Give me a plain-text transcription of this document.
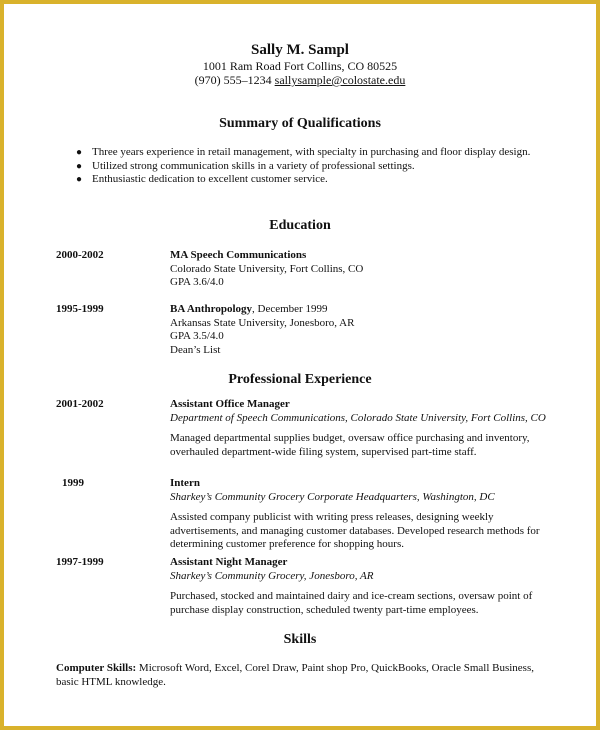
Sally M. Sampl
1001 Ram Road Fort Collins, CO 80525
(970) 555–1234 sallysample@colostate.edu
Summary of Qualifications
● Three years experience in retail management, with specialty in purchasing and floor display design.
● Utilized strong communication skills in a variety of professional settings.
● Enthusiastic dedication to excellent customer service.
Education
2000-2002	MA Speech Communications
Colorado State University, Fort Collins, CO
GPA 3.6/4.0
1995-1999	BA Anthropology, December 1999
Arkansas State University, Jonesboro, AR
GPA 3.5/4.0
Dean’s List
Professional Experience
2001-2002	Assistant Office Manager
Department of Speech Communications, Colorado State University, Fort Collins, CO
Managed departmental supplies budget, oversaw office purchasing and inventory, overhauled department-wide filing system, supervised part-time staff.
1999	Intern
Sharkey’s Community Grocery Corporate Headquarters, Washington, DC
Assisted company publicist with writing press releases, designing weekly advertisements, and managing customer databases. Developed research methods for determining customer preference for shopping hours.
1997-1999	Assistant Night Manager
Sharkey’s Community Grocery, Jonesboro, AR
Purchased, stocked and maintained dairy and ice-cream sections, oversaw point of purchase display construction, scheduled twenty part-time employees.
Skills
Computer Skills: Microsoft Word, Excel, Corel Draw, Paint shop Pro, QuickBooks, Oracle Small Business, basic HTML knowledge.
